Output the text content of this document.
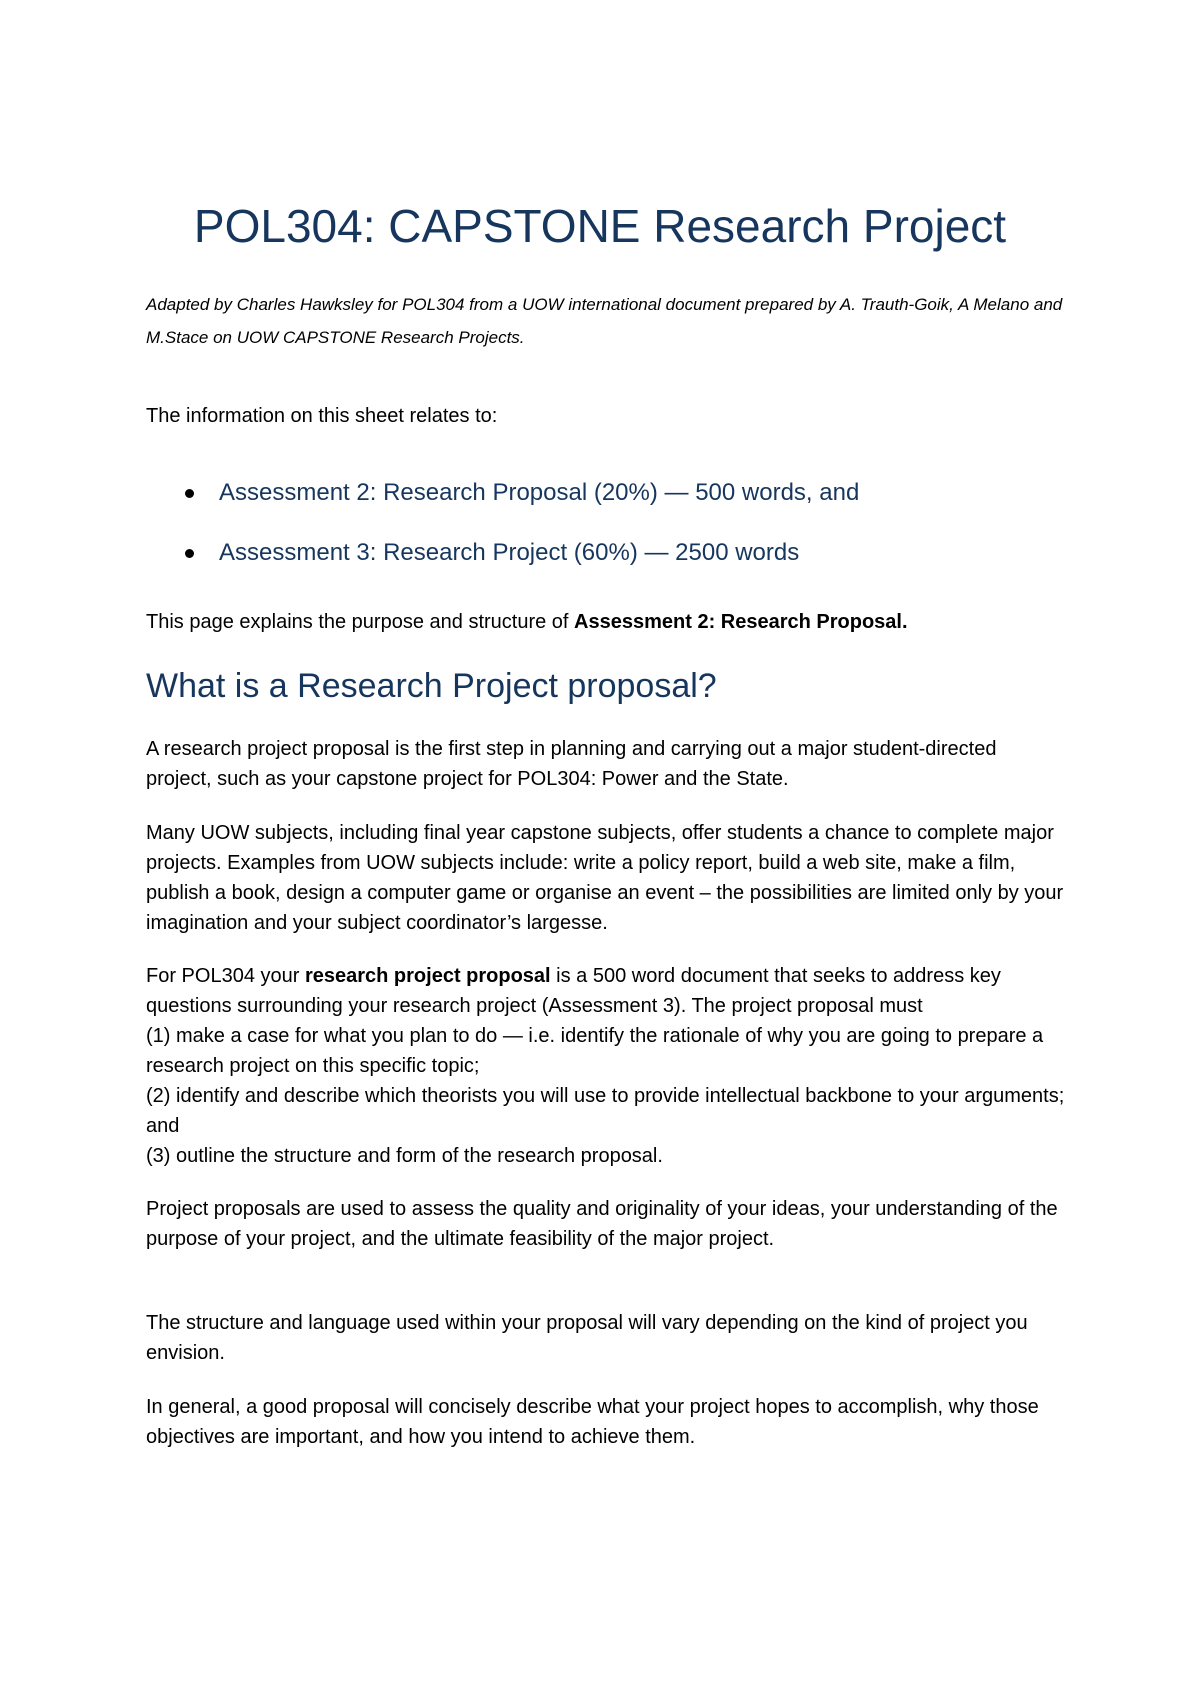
POL304: CAPSTONE Research Project
Adapted by Charles Hawksley for POL304 from a UOW international document prepared by A. Trauth-Goik, A Melano and M.Stace on UOW CAPSTONE Research Projects.

The information on this sheet relates to:

Assessment 2: Research Proposal (20%) — 500 words, and
Assessment 3: Research Project (60%) — 2500 words

This page explains the purpose and structure of Assessment 2: Research Proposal.

What is a Research Project proposal?

A research project proposal is the first step in planning and carrying out a major student-directed project, such as your capstone project for POL304: Power and the State.

Many UOW subjects, including final year capstone subjects, offer students a chance to complete major projects. Examples from UOW subjects include: write a policy report, build a web site, make a film, publish a book, design a computer game or organise an event – the possibilities are limited only by your imagination and your subject coordinator’s largesse.

For POL304 your research project proposal is a 500 word document that seeks to address key questions surrounding your research project (Assessment 3). The project proposal must
(1) make a case for what you plan to do — i.e. identify the rationale of why you are going to prepare a research project on this specific topic;
(2) identify and describe which theorists you will use to provide intellectual backbone to your arguments; and
(3) outline the structure and form of the research proposal.

Project proposals are used to assess the quality and originality of your ideas, your understanding of the purpose of your project, and the ultimate feasibility of the major project.

The structure and language used within your proposal will vary depending on the kind of project you envision.

In general, a good proposal will concisely describe what your project hopes to accomplish, why those objectives are important, and how you intend to achieve them.
